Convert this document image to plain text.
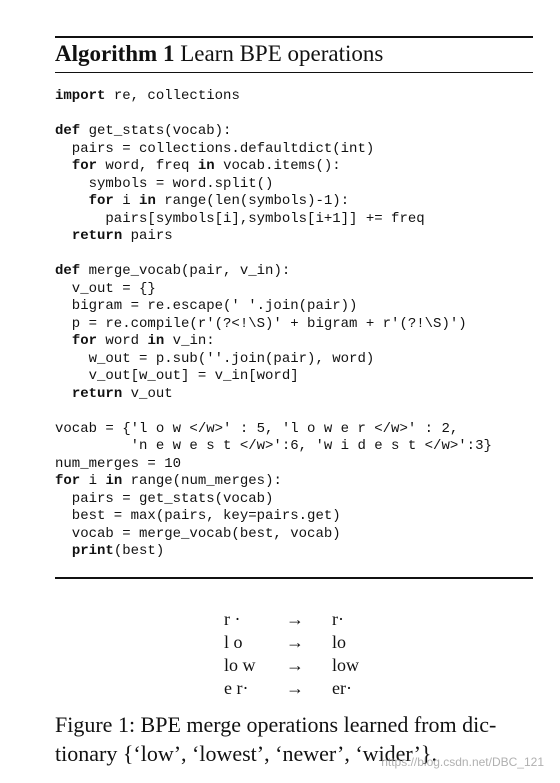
Algorithm 1 Learn BPE operations
import re, collections
def get_stats(vocab):
pairs = collections.defaultdict(int)
for word, freq in vocab.items():
symbols = word.split()
for i in range(len(symbols)-1):
pairs[symbols[i],symbols[i+1]] += freq
return pairs
def merge_vocab(pair, v_in):
v_out = {}
bigram = re.escape(' '.join(pair))
p = re.compile(r'(?<!\S)' + bigram + r'(?!\S)')
for word in v_in:
w_out = p.sub(''.join(pair), word)
v_out[w_out] = v_in[word]
return v_out
vocab = {'l o w </w>' : 5, 'l o w e r </w>' : 2,
'n e w e s t </w>':6, 'w i d e s t </w>':3}
num_merges = 10
for i in range(num_merges):
pairs = get_stats(vocab)
best = max(pairs, key=pairs.get)
vocab = merge_vocab(best, vocab)
print(best)
r ·	→	r·
l o	→	lo
lo w	→	low
e r·	→	er·
Figure 1: BPE merge operations learned from dic-
tionary {‘low’, ‘lowest’, ‘newer’, ‘wider’}.
https://blog.csdn.net/DBC_121
